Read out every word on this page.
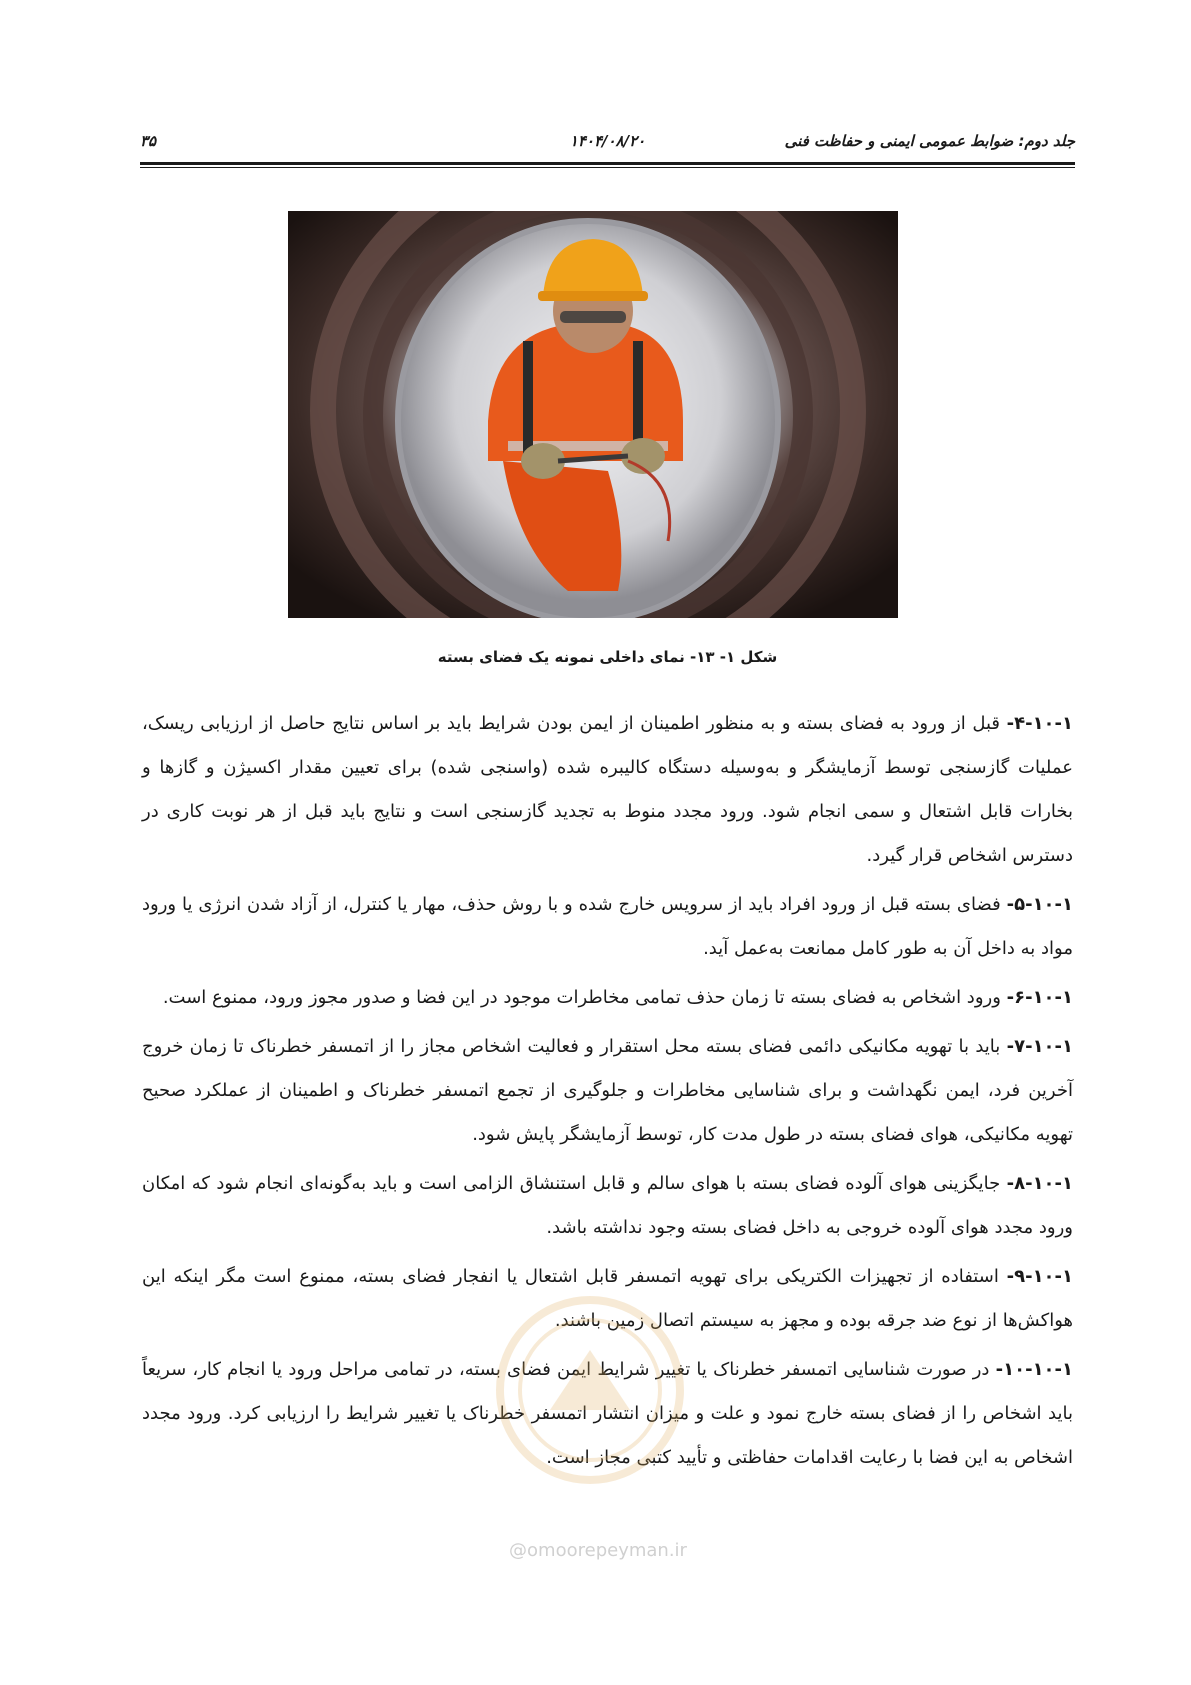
جلد دوم: ضوابط عمومی ایمنی و حفاظت فنی
۱۴۰۴/۰۸/۲۰
۳۵
شکل ۱- ۱۳- نمای داخلی نمونه یک فضای بسته

۴-۱۰-۱- قبل از ورود به فضای بسته و به منظور اطمینان از ایمن بودن شرایط باید بر اساس نتایج حاصل از ارزیابی ریسک، عملیات گازسنجی توسط آزمایشگر و به‌وسیله دستگاه کالیبره شده (واسنجی شده) برای تعیین مقدار اکسیژن و گازها و بخارات قابل اشتعال و سمی انجام شود. ورود مجدد منوط به تجدید گازسنجی است و نتایج باید قبل از هر نوبت کاری در دسترس اشخاص قرار گیرد.

۵-۱۰-۱- فضای بسته قبل از ورود افراد باید از سرویس خارج شده و با روش حذف، مهار یا کنترل، از آزاد شدن انرژی یا ورود مواد به داخل آن به طور کامل ممانعت به‌عمل آید.

۶-۱۰-۱- ورود اشخاص به فضای بسته تا زمان حذف تمامی مخاطرات موجود در این فضا و صدور مجوز ورود، ممنوع است.

۷-۱۰-۱- باید با تهویه مکانیکی دائمی فضای بسته محل استقرار و فعالیت اشخاص مجاز را از اتمسفر خطرناک تا زمان خروج آخرین فرد، ایمن نگهداشت و برای شناسایی مخاطرات و جلوگیری از تجمع اتمسفر خطرناک و اطمینان از عملکرد صحیح تهویه مکانیکی، هوای فضای بسته در طول مدت کار، توسط آزمایشگر پایش شود.

۸-۱۰-۱- جایگزینی هوای آلوده فضای بسته با هوای سالم و قابل استنشاق الزامی است و باید به‌گونه‌ای انجام شود که امکان ورود مجدد هوای آلوده خروجی به داخل فضای بسته وجود نداشته باشد.

۹-۱۰-۱- استفاده از تجهیزات الکتریکی برای تهویه اتمسفر قابل اشتعال یا انفجار فضای بسته، ممنوع است مگر اینکه این هواکش‌ها از نوع ضد جرقه بوده و مجهز به سیستم اتصال زمین باشند.

۱۰-۱۰-۱- در صورت شناسایی اتمسفر خطرناک یا تغییر شرایط ایمن فضای بسته، در تمامی مراحل ورود یا انجام کار، سریعاً باید اشخاص را از فضای بسته خارج نمود و علت و میزان انتشار اتمسفر خطرناک یا تغییر شرایط را ارزیابی کرد. ورود مجدد اشخاص به این فضا با رعایت اقدامات حفاظتی و تأیید کتبی مجاز است.

@omoorepeyman.ir
